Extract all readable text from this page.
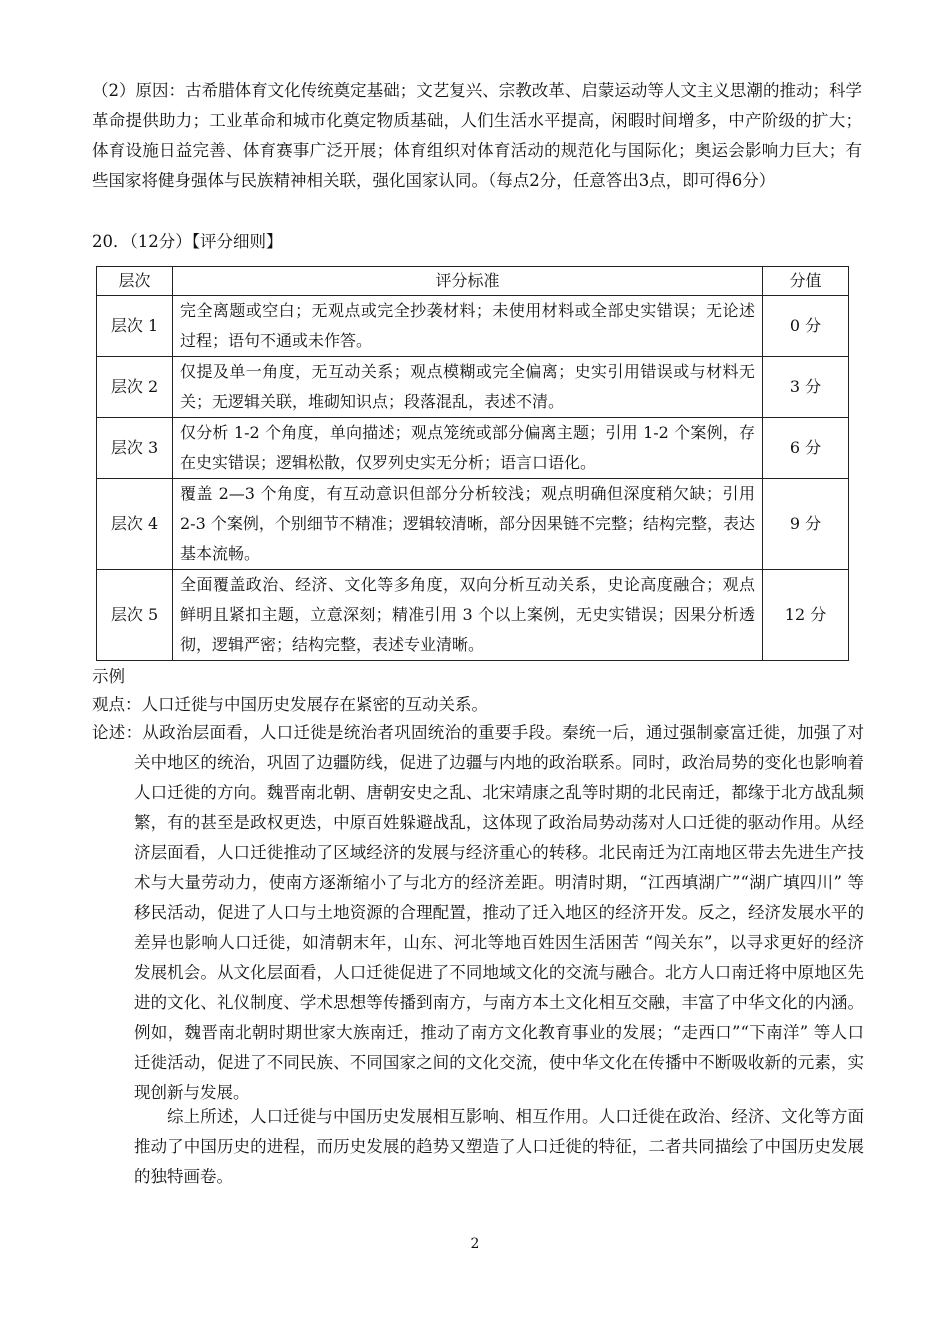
（2）原因：古希腊体育文化传统奠定基础；文艺复兴、宗教改革、启蒙运动等人文主义思潮的推动；科学革命提供助力；工业革命和城市化奠定物质基础，人们生活水平提高，闲暇时间增多，中产阶级的扩大；体育设施日益完善、体育赛事广泛开展；体育组织对体育活动的规范化与国际化；奥运会影响力巨大；有些国家将健身强体与民族精神相关联，强化国家认同。（每点2分，任意答出3点，即可得6分）
20．（12分）【评分细则】
层次	评分标准	分值
层次 1	完全离题或空白；无观点或完全抄袭材料；未使用材料或全部史实错误；无论述过程；语句不通或未作答。	0 分
层次 2	仅提及单一角度，无互动关系；观点模糊或完全偏离；史实引用错误或与材料无关；无逻辑关联，堆砌知识点；段落混乱，表述不清。	3 分
层次 3	仅分析 1-2 个角度，单向描述；观点笼统或部分偏离主题；引用 1-2 个案例，存在史实错误；逻辑松散，仅罗列史实无分析；语言口语化。	6 分
层次 4	覆盖 2—3 个角度，有互动意识但部分分析较浅；观点明确但深度稍欠缺；引用 2-3 个案例，个别细节不精准；逻辑较清晰，部分因果链不完整；结构完整，表达基本流畅。	9 分
层次 5	全面覆盖政治、经济、文化等多角度，双向分析互动关系，史论高度融合；观点鲜明且紧扣主题，立意深刻；精准引用 3 个以上案例，无史实错误；因果分析透彻，逻辑严密；结构完整，表述专业清晰。	12 分
示例
观点：人口迁徙与中国历史发展存在紧密的互动关系。
论述：从政治层面看，人口迁徙是统治者巩固统治的重要手段。秦统一后，通过强制豪富迁徙，加强了对关中地区的统治，巩固了边疆防线，促进了边疆与内地的政治联系。同时，政治局势的变化也影响着人口迁徙的方向。魏晋南北朝、唐朝安史之乱、北宋靖康之乱等时期的北民南迁，都缘于北方战乱频繁，有的甚至是政权更迭，中原百姓躲避战乱，这体现了政治局势动荡对人口迁徙的驱动作用。从经济层面看，人口迁徙推动了区域经济的发展与经济重心的转移。北民南迁为江南地区带去先进生产技术与大量劳动力，使南方逐渐缩小了与北方的经济差距。明清时期，“江西填湖广”“湖广填四川” 等移民活动，促进了人口与土地资源的合理配置，推动了迁入地区的经济开发。反之，经济发展水平的差异也影响人口迁徙，如清朝末年，山东、河北等地百姓因生活困苦 “闯关东”，以寻求更好的经济发展机会。从文化层面看，人口迁徙促进了不同地域文化的交流与融合。北方人口南迁将中原地区先进的文化、礼仪制度、学术思想等传播到南方，与南方本土文化相互交融，丰富了中华文化的内涵。例如，魏晋南北朝时期世家大族南迁，推动了南方文化教育事业的发展；“走西口”“下南洋” 等人口迁徙活动，促进了不同民族、不同国家之间的文化交流，使中华文化在传播中不断吸收新的元素，实现创新与发展。
综上所述，人口迁徙与中国历史发展相互影响、相互作用。人口迁徙在政治、经济、文化等方面推动了中国历史的进程，而历史发展的趋势又塑造了人口迁徙的特征，二者共同描绘了中国历史发展的独特画卷。
2
